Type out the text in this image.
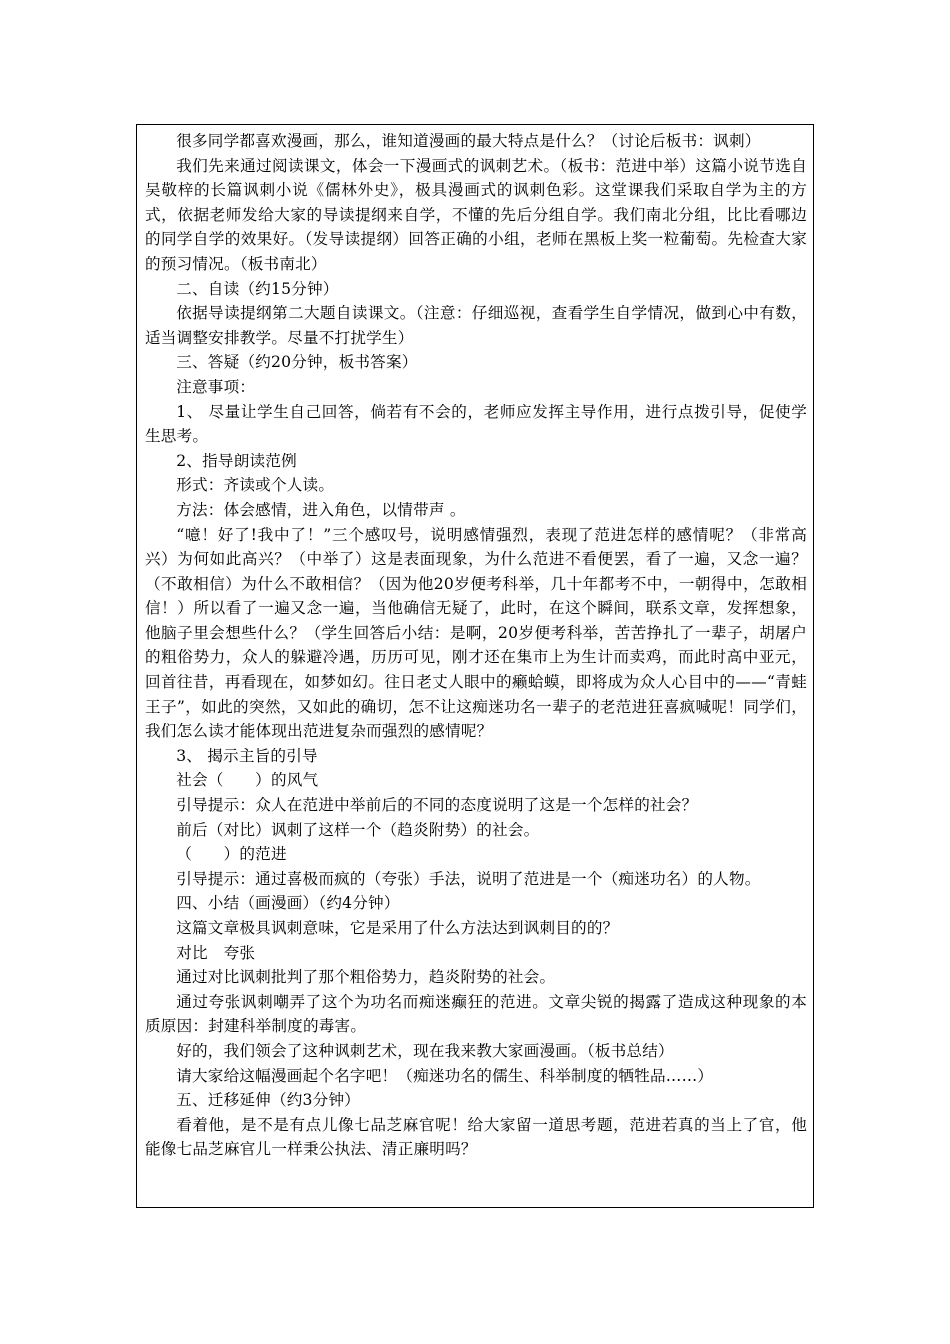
很多同学都喜欢漫画，那么，谁知道漫画的最大特点是什么？（讨论后板书：讽刺）

我们先来通过阅读课文，体会一下漫画式的讽刺艺术。（板书：范进中举）这篇小说节选自吴敬梓的长篇讽刺小说《儒林外史》，极具漫画式的讽刺色彩。这堂课我们采取自学为主的方式，依据老师发给大家的导读提纲来自学，不懂的先后分组自学。我们南北分组，比比看哪边的同学自学的效果好。（发导读提纲）回答正确的小组，老师在黑板上奖一粒葡萄。先检查大家的预习情况。（板书南北）

二、自读（约15分钟）

依据导读提纲第二大题自读课文。（注意：仔细巡视，查看学生自学情况，做到心中有数，适当调整安排教学。尽量不打扰学生）

三、答疑（约20分钟，板书答案）

注意事项：

1、 尽量让学生自己回答，倘若有不会的，老师应发挥主导作用，进行点拨引导，促使学生思考。

2、指导朗读范例

形式：齐读或个人读。

方法：体会感情，进入角色，以情带声 。

“噫！好了!我中了！”三个感叹号，说明感情强烈，表现了范进怎样的感情呢？（非常高兴）为何如此高兴？（中举了）这是表面现象，为什么范进不看便罢，看了一遍，又念一遍？（不敢相信）为什么不敢相信？（因为他20岁便考科举，几十年都考不中，一朝得中，怎敢相信！）所以看了一遍又念一遍，当他确信无疑了，此时，在这个瞬间，联系文章，发挥想象，他脑子里会想些什么？（学生回答后小结：是啊，20岁便考科举，苦苦挣扎了一辈子，胡屠户的粗俗势力，众人的躲避冷遇，历历可见，刚才还在集市上为生计而卖鸡，而此时高中亚元，回首往昔，再看现在，如梦如幻。往日老丈人眼中的癞蛤蟆，即将成为众人心目中的——“青蛙王子”，如此的突然，又如此的确切，怎不让这痴迷功名一辈子的老范进狂喜疯喊呢！同学们，我们怎么读才能体现出范进复杂而强烈的感情呢？

3、 揭示主旨的引导

社会（　　）的风气

引导提示：众人在范进中举前后的不同的态度说明了这是一个怎样的社会？

前后（对比）讽刺了这样一个（趋炎附势）的社会。

（　　）的范进

引导提示：通过喜极而疯的（夸张）手法，说明了范进是一个（痴迷功名）的人物。

四、小结（画漫画）（约4分钟）

这篇文章极具讽刺意味，它是采用了什么方法达到讽刺目的的？

对比　夸张

通过对比讽刺批判了那个粗俗势力，趋炎附势的社会。

通过夸张讽刺嘲弄了这个为功名而痴迷癫狂的范进。文章尖锐的揭露了造成这种现象的本质原因：封建科举制度的毒害。

好的，我们领会了这种讽刺艺术，现在我来教大家画漫画。（板书总结）

请大家给这幅漫画起个名字吧！（痴迷功名的儒生、科举制度的牺牲品……）

五、迁移延伸（约3分钟）

看着他，是不是有点儿像七品芝麻官呢！给大家留一道思考题，范进若真的当上了官，他能像七品芝麻官儿一样秉公执法、清正廉明吗？
